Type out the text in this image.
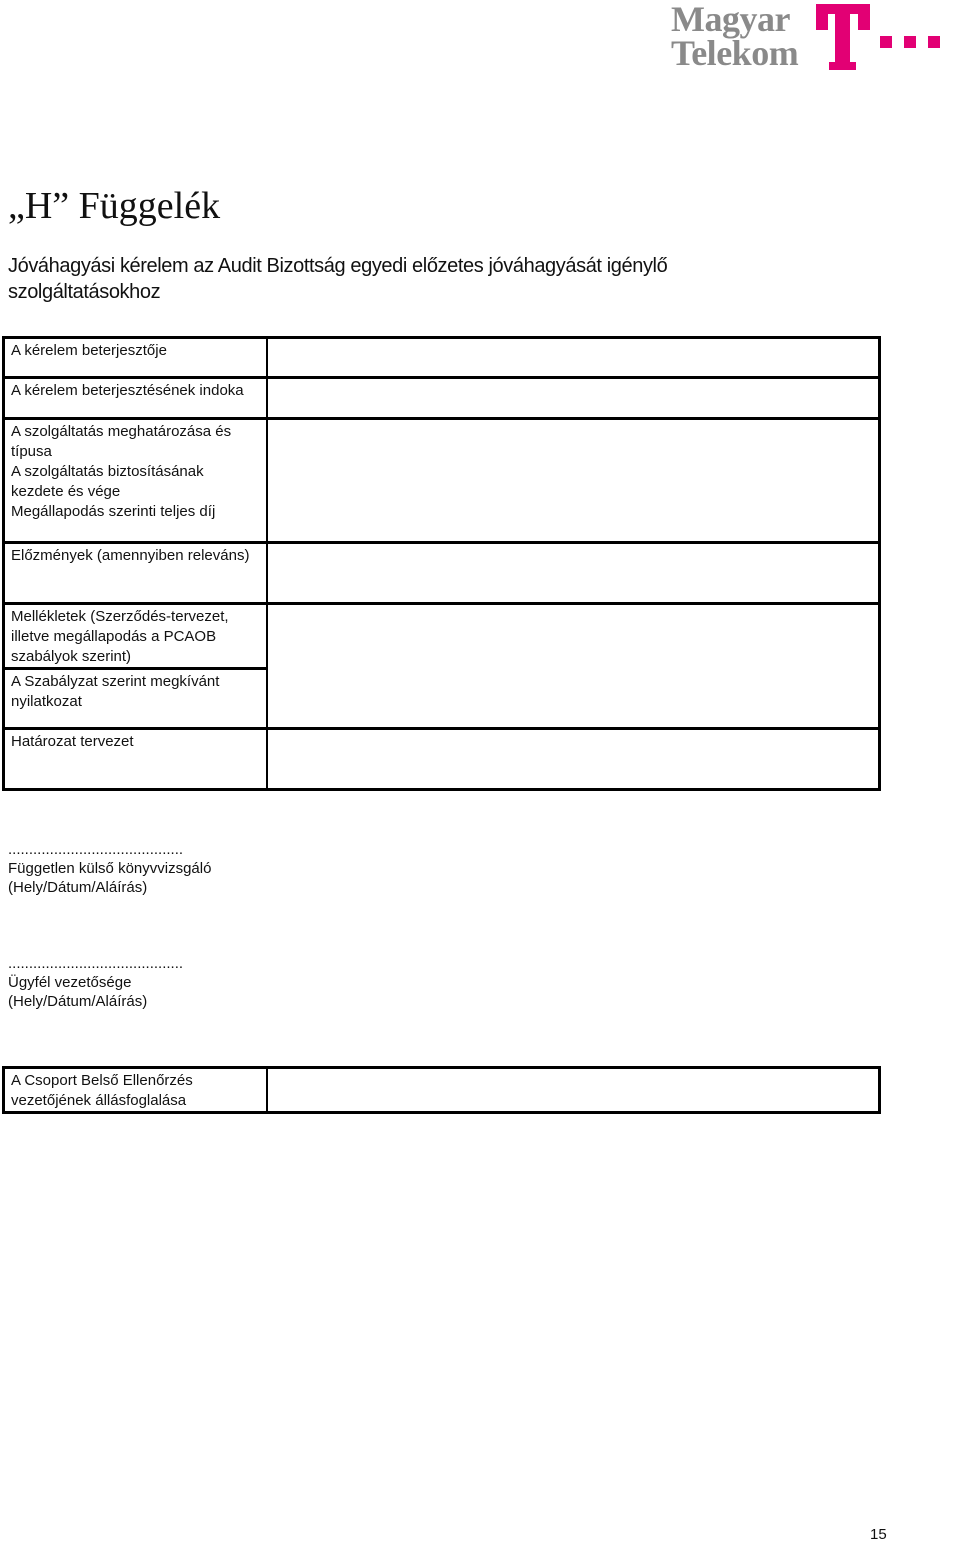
Magyar
Telekom
„H” Függelék
Jóváhagyási kérelem az Audit Bizottság egyedi előzetes jóváhagyását igénylő szolgáltatásokhoz
A kérelem beterjesztője	
A kérelem beterjesztésének indoka	
A szolgáltatás meghatározása és típusa	
A szolgáltatás biztosításának kezdete és vége	
Megállapodás szerinti teljes díj	
Előzmények (amennyiben releváns)	
Mellékletek (Szerződés-tervezet, illetve megállapodás a PCAOB szabályok szerint)	
A Szabályzat szerint megkívánt nyilatkozat	
Határozat tervezet	
..........................................
Független külső könyvvizsgáló
(Hely/Dátum/Aláírás)
..........................................
Ügyfél vezetősége
(Hely/Dátum/Aláírás)
A Csoport Belső Ellenőrzés vezetőjének állásfoglalása	
15
